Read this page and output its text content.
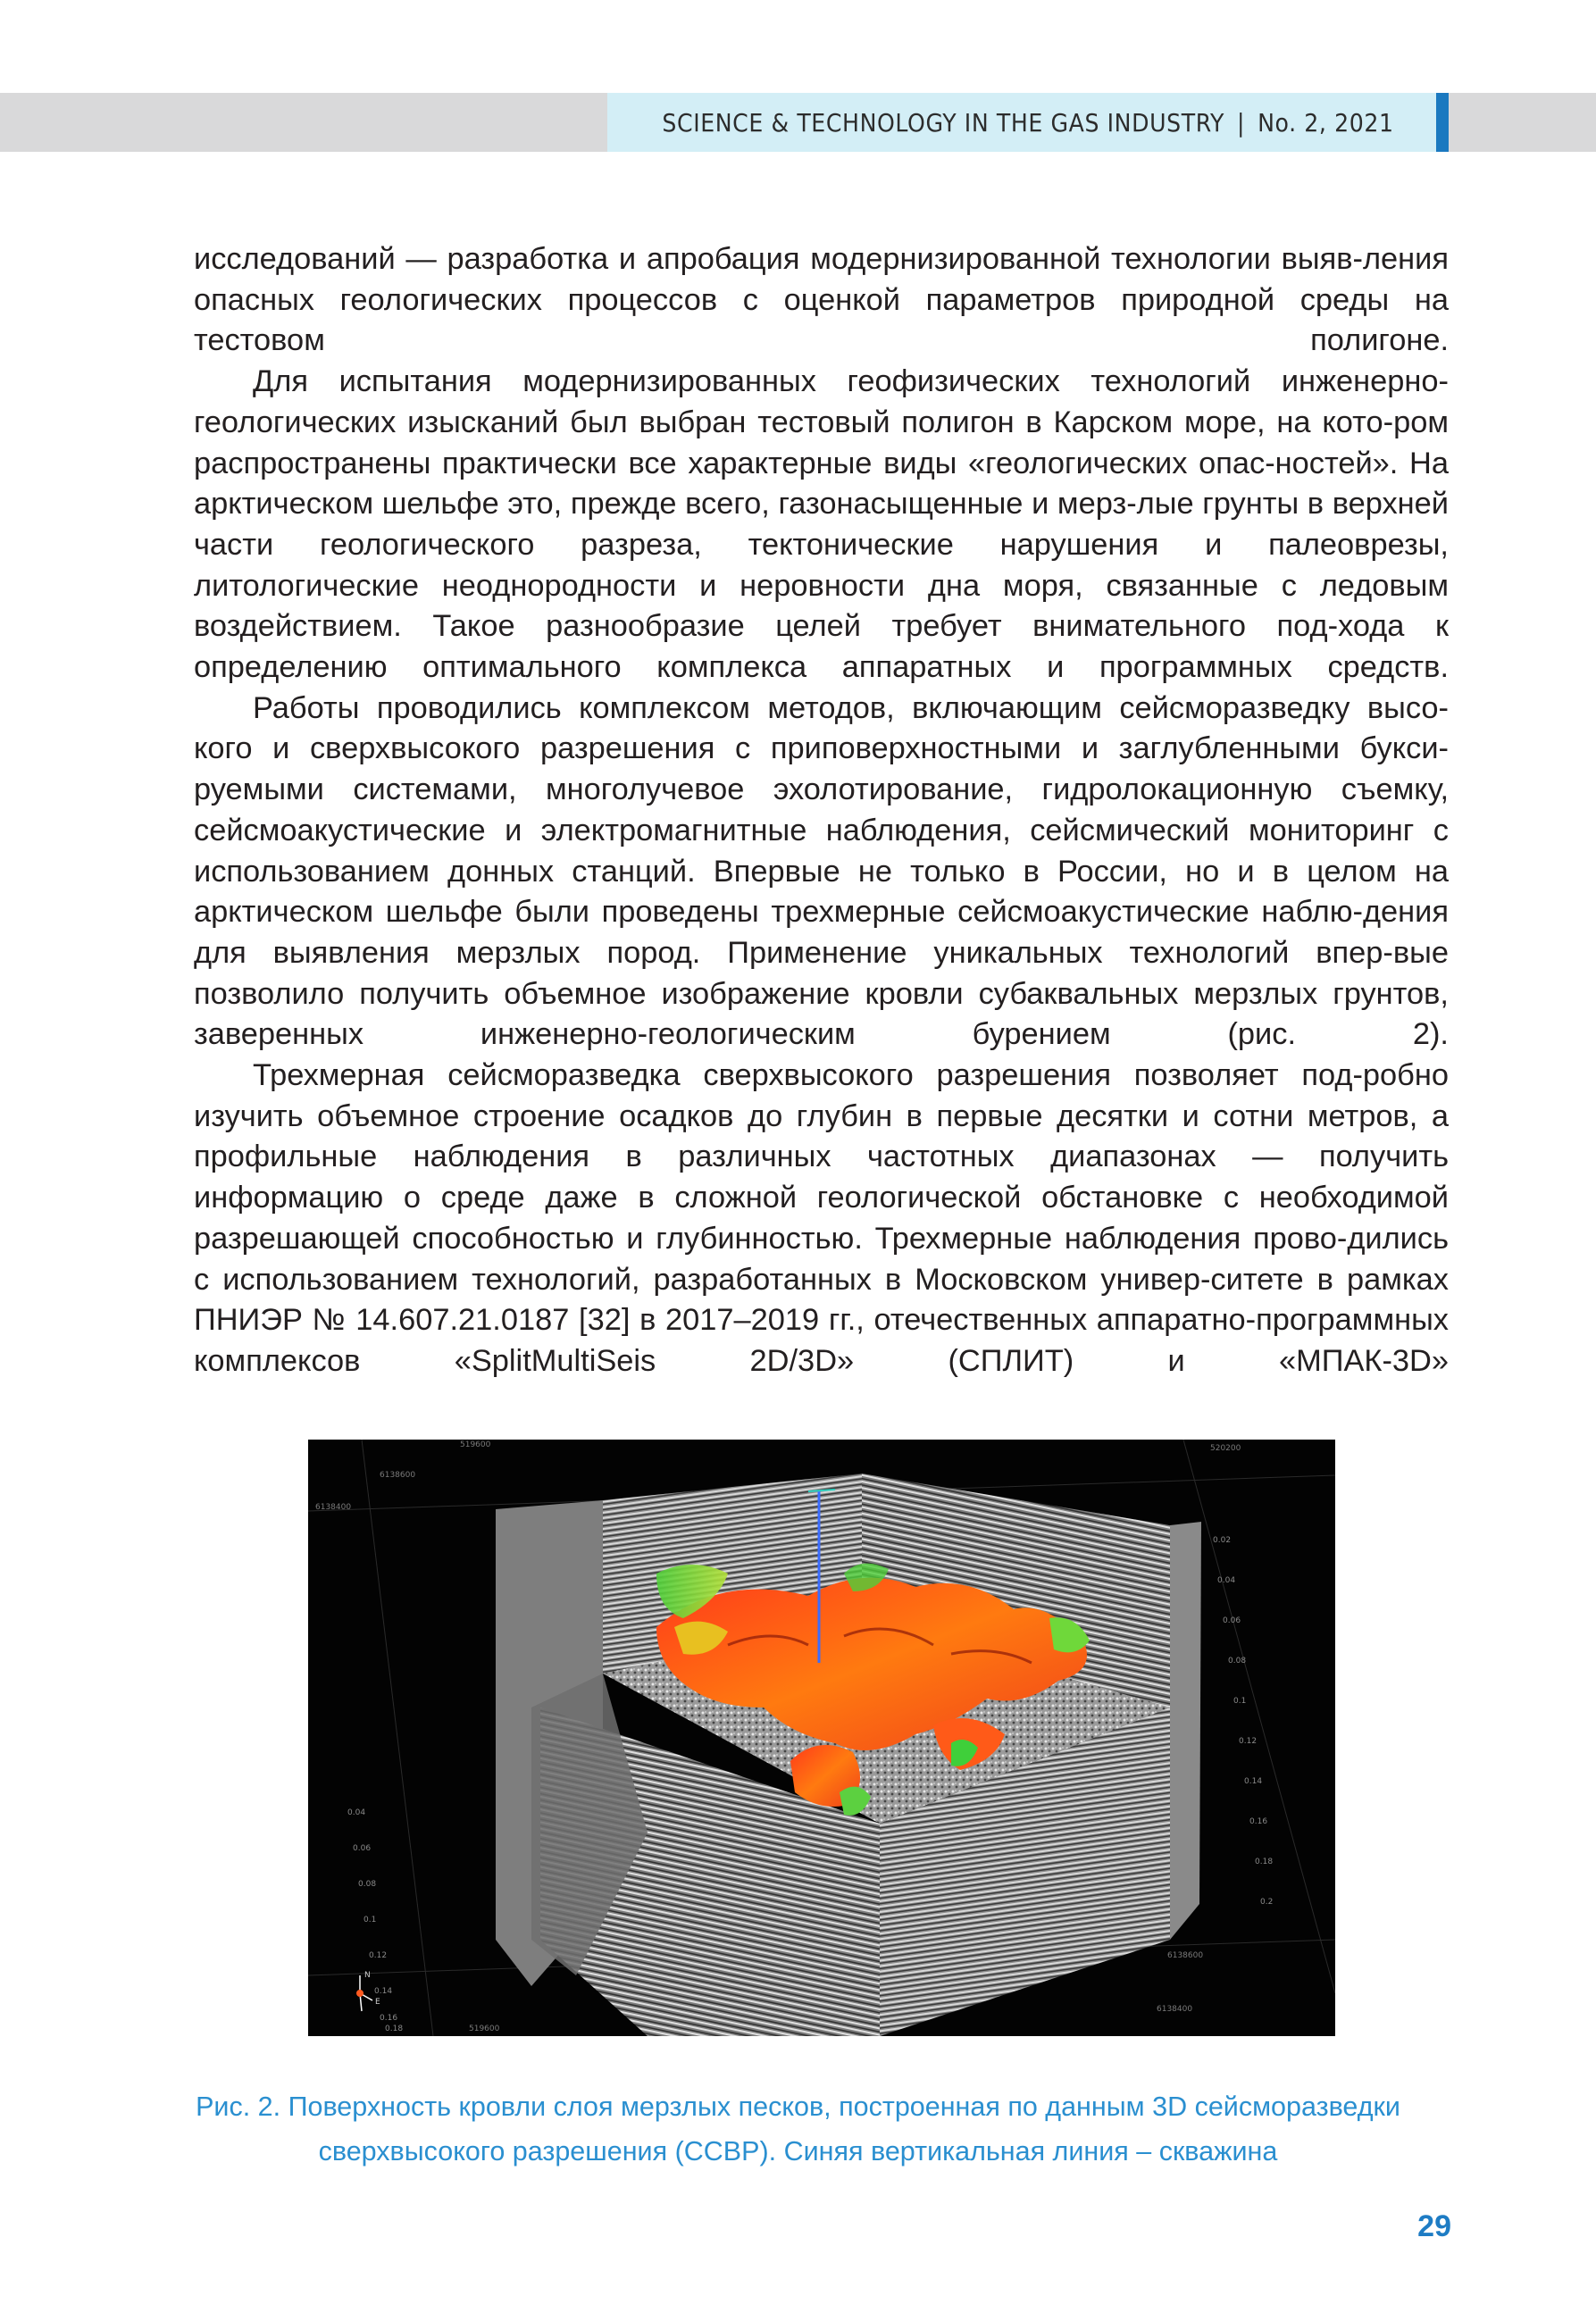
SCIENCE & TECHNOLOGY IN THE GAS INDUSTRY | No. 2, 2021

исследований — разработка и апробация модернизированной технологии выяв-ления опасных геологических процессов с оценкой параметров природной среды на тестовом полигоне.

Для испытания модернизированных геофизических технологий инженерно-геологических изысканий был выбран тестовый полигон в Карском море, на кото-ром распространены практически все характерные виды «геологических опас-ностей». На арктическом шельфе это, прежде всего, газонасыщенные и мерз-лые грунты в верхней части геологического разреза, тектонические нарушения и палеоврезы, литологические неоднородности и неровности дна моря, связанные с ледовым воздействием. Такое разнообразие целей требует внимательного под-хода к определению оптимального комплекса аппаратных и программных средств.

Работы проводились комплексом методов, включающим сейсморазведку высо-кого и сверхвысокого разрешения с приповерхностными и заглубленными букси-руемыми системами, многолучевое эхолотирование, гидролокационную съемку, сейсмоакустические и электромагнитные наблюдения, сейсмический мониторинг с использованием донных станций. Впервые не только в России, но и в целом на арктическом шельфе были проведены трехмерные сейсмоакустические наблю-дения для выявления мерзлых пород. Применение уникальных технологий впер-вые позволило получить объемное изображение кровли субаквальных мерзлых грунтов, заверенных инженерно-геологическим бурением (рис. 2).

Трехмерная сейсморазведка сверхвысокого разрешения позволяет под-робно изучить объемное строение осадков до глубин в первые десятки и сотни метров, а профильные наблюдения в различных частотных диапазонах — получить информацию о среде даже в сложной геологической обстановке с необходимой разрешающей способностью и глубинностью. Трехмерные наблюдения прово-дились с использованием технологий, разработанных в Московском универ-ситете в рамках ПНИЭР № 14.607.21.0187 [32] в 2017–2019 гг., отечественных аппаратно-программных комплексов «SplitMultiSeis 2D/3D» (СПЛИТ) и «МПАК-3D»

0.02
0.04
0.06
0.08
0.1
0.12
0.14
0.16
0.18
0.2
0.04
0.06
0.08
0.1
0.12
0.14
0.16
0.18
6138600
6138400
519600
6138600
6138400
520200
519600
N
E
Рис. 2. Поверхность кровли слоя мерзлых песков, построенная по данным 3D сейсморазведки
сверхвысокого разрешения (ССВР). Синяя вертикальная линия – скважина
29
